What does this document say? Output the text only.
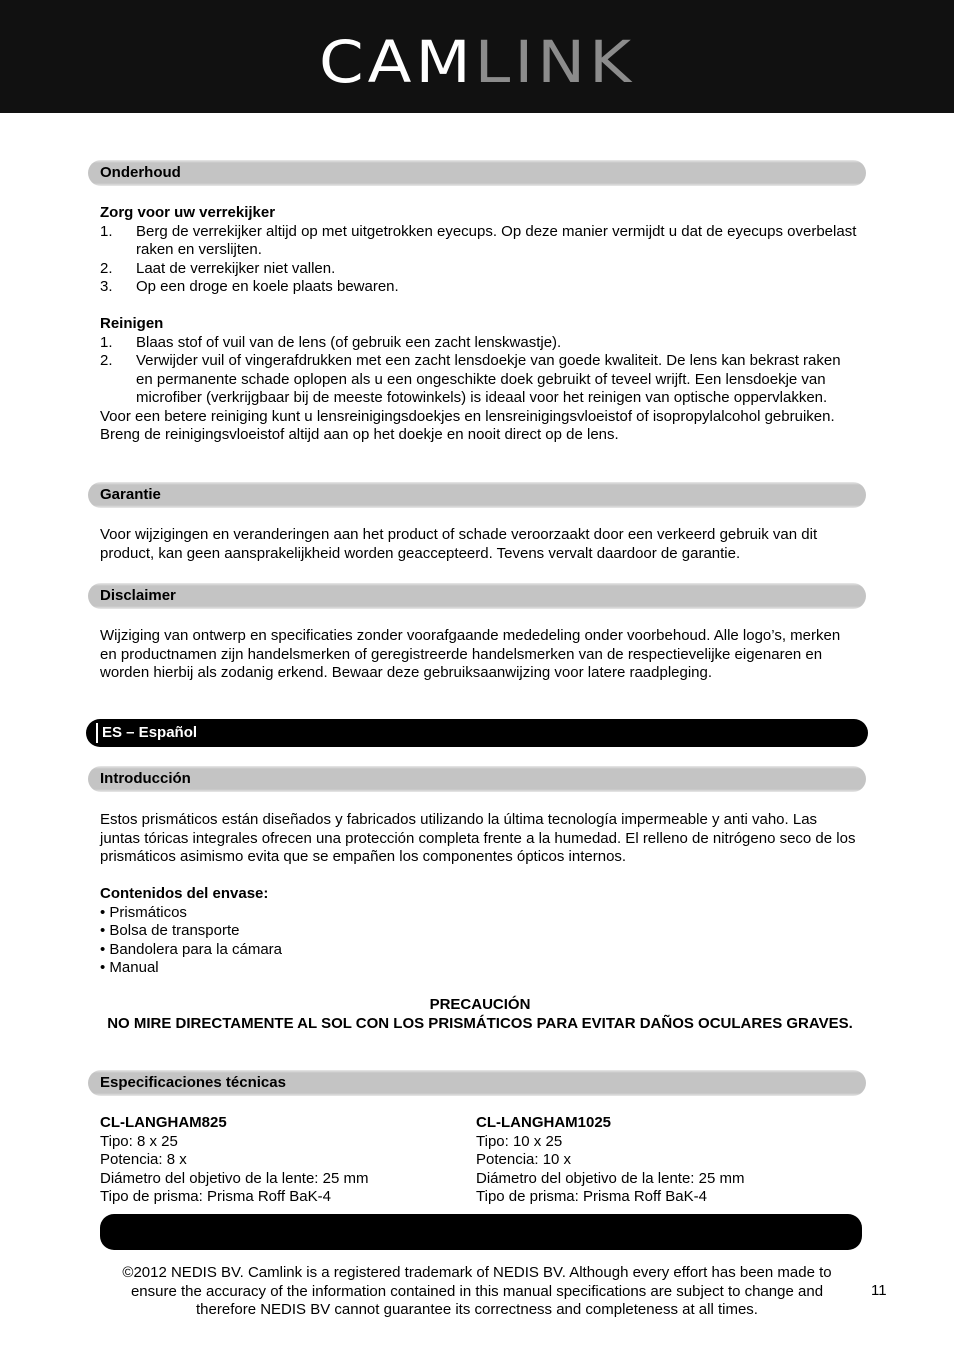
CAMLINK
Onderhoud
Zorg voor uw verrekijker
1. Berg de verrekijker altijd op met uitgetrokken eyecups. Op deze manier vermijdt u dat de eyecups overbelast raken en verslijten.
2. Laat de verrekijker niet vallen.
3. Op een droge en koele plaats bewaren.
Reinigen
1. Blaas stof of vuil van de lens (of gebruik een zacht lenskwastje).
2. Verwijder vuil of vingerafdrukken met een zacht lensdoekje van goede kwaliteit. De lens kan bekrast raken en permanente schade oplopen als u een ongeschikte doek gebruikt of teveel wrijft. Een lensdoekje van microfiber (verkrijgbaar bij de meeste fotowinkels) is ideaal voor het reinigen van optische oppervlakken.
Voor een betere reiniging kunt u lensreinigingsdoekjes en lensreinigingsvloeistof of isopropylalcohol gebruiken. Breng de reinigingsvloeistof altijd aan op het doekje en nooit direct op de lens.
Garantie
Voor wijzigingen en veranderingen aan het product of schade veroorzaakt door een verkeerd gebruik van dit product, kan geen aansprakelijkheid worden geaccepteerd. Tevens vervalt daardoor de garantie.
Disclaimer
Wijziging van ontwerp en specificaties zonder voorafgaande mededeling onder voorbehoud. Alle logo’s, merken en productnamen zijn handelsmerken of geregistreerde handelsmerken van de respectievelijke eigenaren en worden hierbij als zodanig erkend. Bewaar deze gebruiksaanwijzing voor latere raadpleging.
ES – Español
Introducción
Estos prismáticos están diseñados y fabricados utilizando la última tecnología impermeable y anti vaho. Las juntas tóricas integrales ofrecen una protección completa frente a la humedad. El relleno de nitrógeno seco de los prismáticos asimismo evita que se empañen los componentes ópticos internos.
Contenidos del envase:
• Prismáticos
• Bolsa de transporte
• Bandolera para la cámara
• Manual
PRECAUCIÓN
NO MIRE DIRECTAMENTE AL SOL CON LOS PRISMÁTICOS PARA EVITAR DAÑOS OCULARES GRAVES.
Especificaciones técnicas
CL-LANGHAM825
Tipo: 8 x 25
Potencia: 8 x
Diámetro del objetivo de la lente: 25 mm
Tipo de prisma: Prisma Roff BaK-4
CL-LANGHAM1025
Tipo: 10 x 25
Potencia: 10 x
Diámetro del objetivo de la lente: 25 mm
Tipo de prisma: Prisma Roff BaK-4
©2012 NEDIS BV. Camlink is a registered trademark of NEDIS BV. Although every effort has been made to ensure the accuracy of the information contained in this manual specifications are subject to change and therefore NEDIS BV cannot guarantee its correctness and completeness at all times.
11
